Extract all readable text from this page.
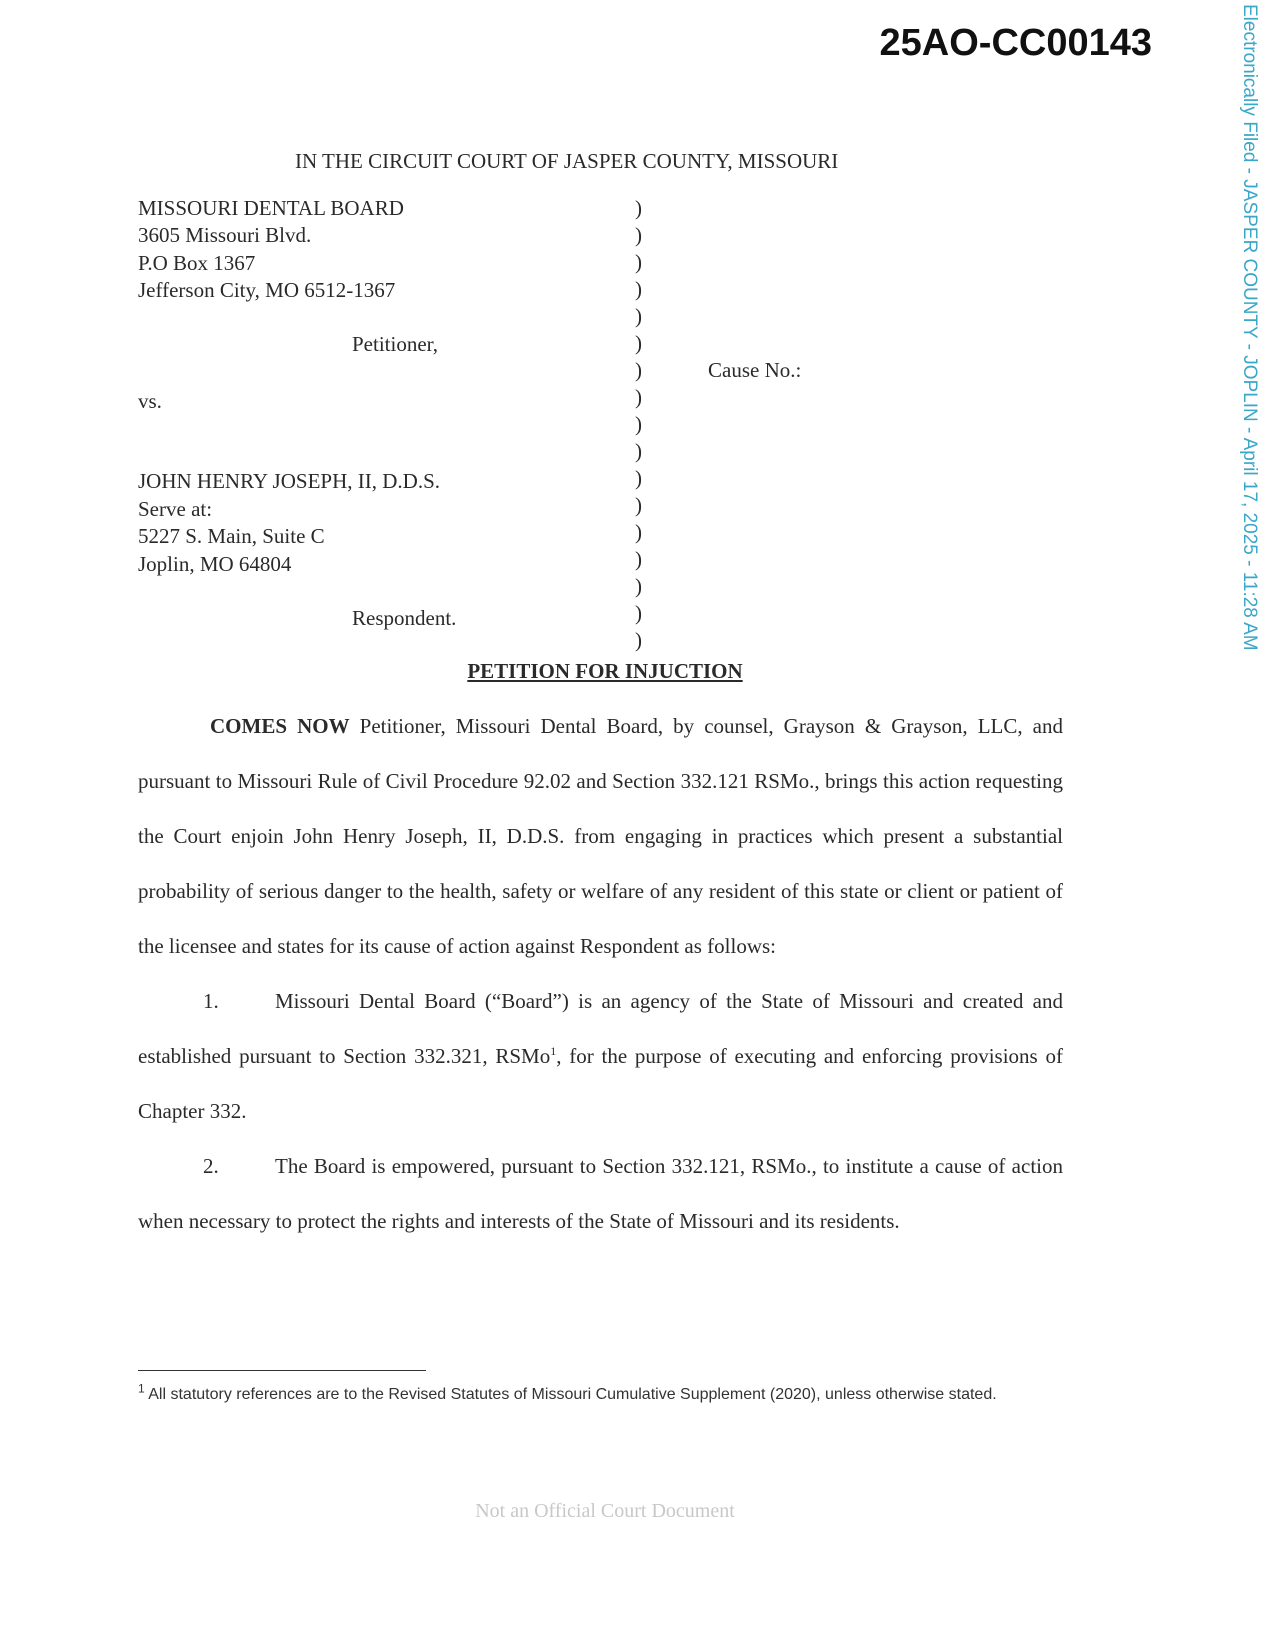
25AO-CC00143	Electronically Filed - JASPER COUNTY - JOPLIN - April 17, 2025 - 11:28 AM
IN THE CIRCUIT COURT OF JASPER COUNTY, MISSOURI
MISSOURI DENTAL BOARD
3605 Missouri Blvd.
P.O Box 1367
Jefferson City, MO 6512-1367
Petitioner,
vs.
JOHN HENRY JOSEPH, II, D.D.S.
Serve at:
5227 S. Main, Suite C
Joplin, MO 64804
Respondent.
)
)
)
)
)
)
)
)
)
)
)
)
)
)
)
)
)
Cause No.:
PETITION FOR INJUCTION

COMES NOW Petitioner, Missouri Dental Board, by counsel, Grayson & Grayson, LLC, and pursuant to Missouri Rule of Civil Procedure 92.02 and Section 332.121 RSMo., brings this action requesting the Court enjoin John Henry Joseph, II, D.D.S. from engaging in practices which present a substantial probability of serious danger to the health, safety or welfare of any resident of this state or client or patient of the licensee and states for its cause of action against Respondent as follows:

1.	Missouri Dental Board (“Board”) is an agency of the State of Missouri and created and established pursuant to Section 332.321, RSMo$^1$, for the purpose of executing and enforcing provisions of Chapter 332.

2.	The Board is empowered, pursuant to Section 332.121, RSMo., to institute a cause of action when necessary to protect the rights and interests of the State of Missouri and its residents.

$^1$ All statutory references are to the Revised Statutes of Missouri Cumulative Supplement (2020), unless otherwise stated.
Not an Official Court Document
